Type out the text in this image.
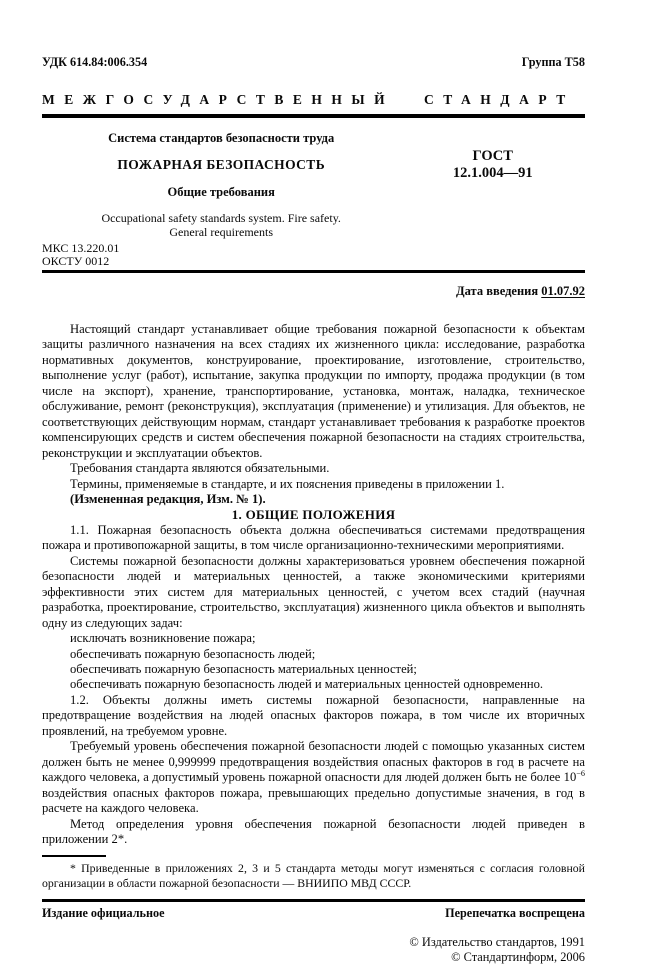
УДК 614.84:006.354	Группа Т58
МЕЖГОСУДАРСТВЕННЫЙ СТАНДАРТ
Система стандартов безопасности труда
ПОЖАРНАЯ БЕЗОПАСНОСТЬ
Общие требования
Occupational safety standards system. Fire safety.
General requirements
ГОСТ
12.1.004—91
МКС 13.220.01
ОКСТУ 0012
Дата введения 01.07.92

Настоящий стандарт устанавливает общие требования пожарной безопасности к объектам защиты различного назначения на всех стадиях их жизненного цикла: исследование, разработка нормативных документов, конструирование, проектирование, изготовление, строительство, выполнение услуг (работ), испытание, закупка продукции по импорту, продажа продукции (в том числе на экспорт), хранение, транспортирование, установка, монтаж, наладка, техническое обслуживание, ремонт (реконструкция), эксплуатация (применение) и утилизация. Для объектов, не соответствующих действующим нормам, стандарт устанавливает требования к разработке проектов компенсирующих средств и систем обеспечения пожарной безопасности на стадиях строительства, реконструкции и эксплуатации объектов.

Требования стандарта являются обязательными.

Термины, применяемые в стандарте, и их пояснения приведены в приложении 1.

(Измененная редакция, Изм. № 1).

1. ОБЩИЕ ПОЛОЖЕНИЯ

1.1. Пожарная безопасность объекта должна обеспечиваться системами предотвращения пожара и противопожарной защиты, в том числе организационно-техническими мероприятиями.

Системы пожарной безопасности должны характеризоваться уровнем обеспечения пожарной безопасности людей и материальных ценностей, а также экономическими критериями эффективности этих систем для материальных ценностей, с учетом всех стадий (научная разработка, проектирование, строительство, эксплуатация) жизненного цикла объектов и выполнять одну из следующих задач:

исключать возникновение пожара;

обеспечивать пожарную безопасность людей;

обеспечивать пожарную безопасность материальных ценностей;

обеспечивать пожарную безопасность людей и материальных ценностей одновременно.

1.2. Объекты должны иметь системы пожарной безопасности, направленные на предотвращение воздействия на людей опасных факторов пожара, в том числе их вторичных проявлений, на требуемом уровне.

Требуемый уровень обеспечения пожарной безопасности людей с помощью указанных систем должен быть не менее 0,999999 предотвращения воздействия опасных факторов в год в расчете на каждого человека, а допустимый уровень пожарной опасности для людей должен быть не более $10^{-6}$ воздействия опасных факторов пожара, превышающих предельно допустимые значения, в год в расчете на каждого человека.

Метод определения уровня обеспечения пожарной безопасности людей приведен в приложении 2*.

* Приведенные в приложениях 2, 3 и 5 стандарта методы могут изменяться с согласия головной организации в области пожарной безопасности — ВНИИПО МВД СССР.

Издание официальное	Перепечатка воспрещена
© Издательство стандартов, 1991
© Стандартинформ, 2006
